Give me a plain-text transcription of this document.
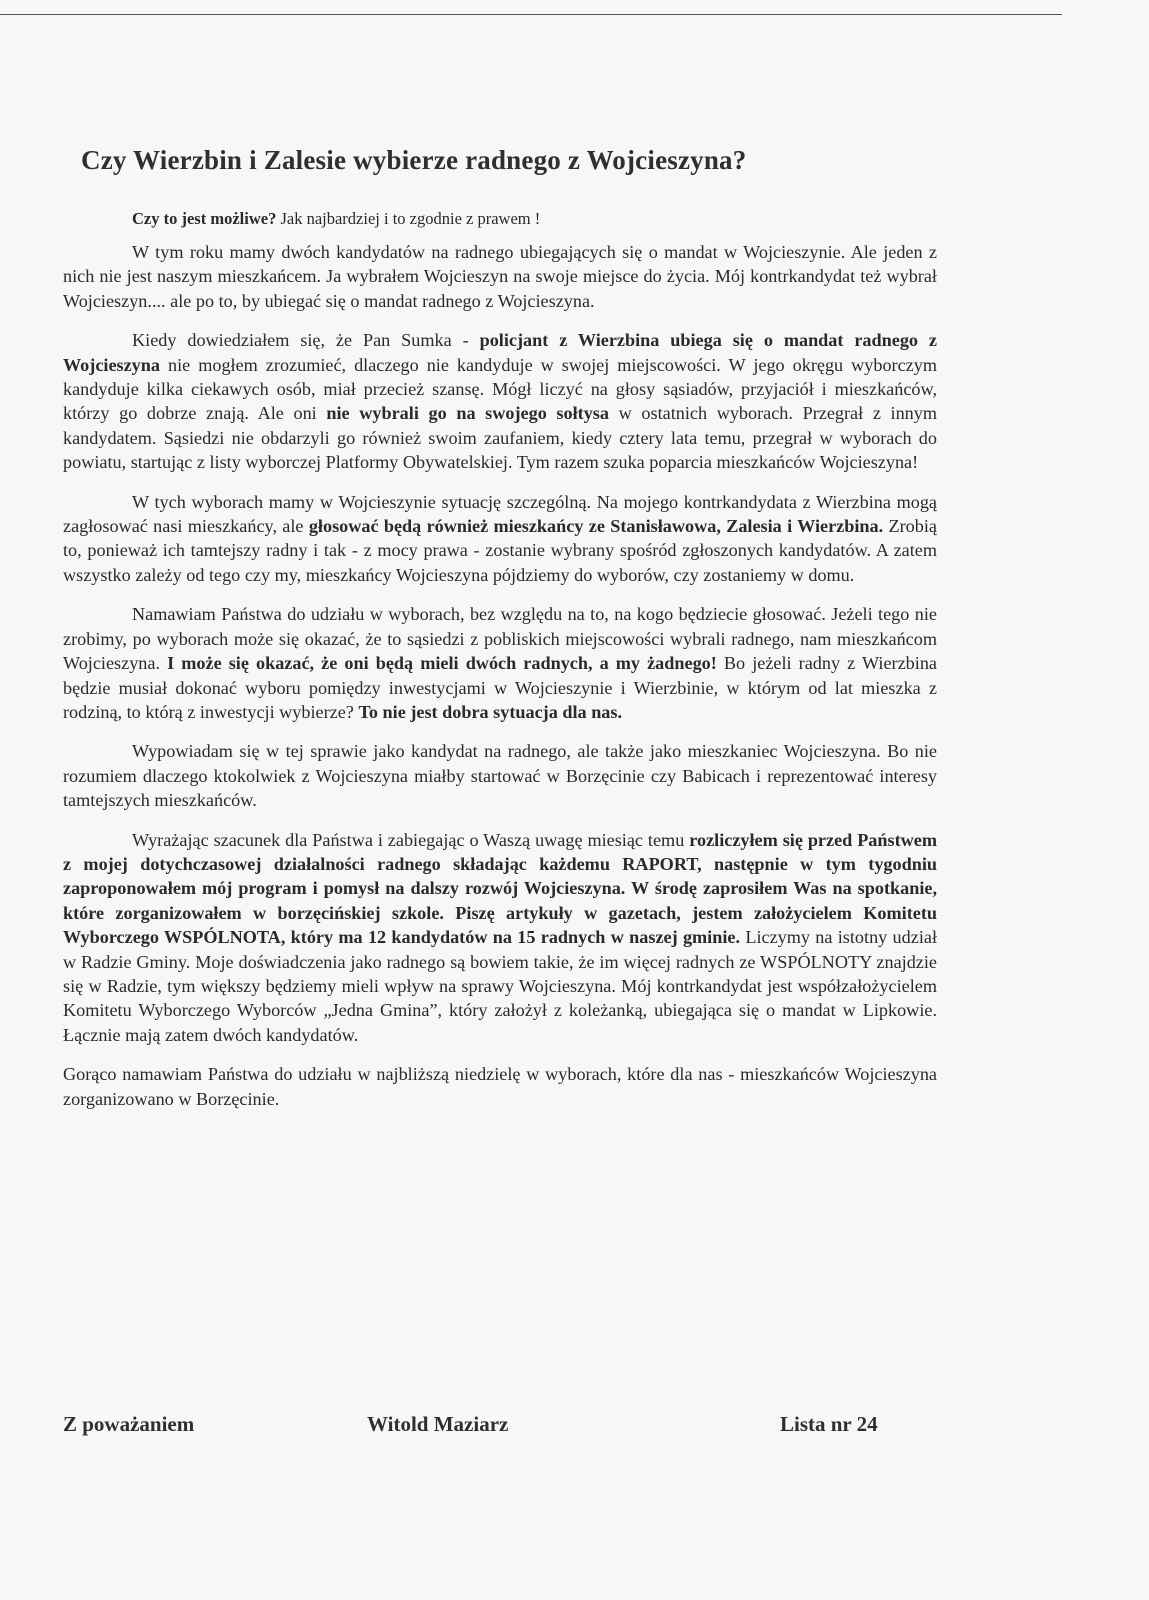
Czy Wierzbin i Zalesie wybierze radnego z Wojcieszyna?

Czy to jest możliwe? Jak najbardziej i to zgodnie z prawem !

W tym roku mamy dwóch kandydatów na radnego ubiegających się o mandat w Wojcieszynie. Ale jeden z nich nie jest naszym mieszkańcem. Ja wybrałem Wojcieszyn na swoje miejsce do życia. Mój kontrkandydat też wybrał Wojcieszyn.... ale po to, by ubiegać się o mandat radnego z Wojcieszyna.

Kiedy dowiedziałem się, że Pan Sumka - policjant z Wierzbina ubiega się o mandat radnego z Wojcieszyna nie mogłem zrozumieć, dlaczego nie kandyduje w swojej miejscowości. W jego okręgu wyborczym kandyduje kilka ciekawych osób, miał przecież szansę. Mógł liczyć na głosy sąsiadów, przyjaciół i mieszkańców, którzy go dobrze znają. Ale oni nie wybrali go na swojego sołtysa w ostatnich wyborach. Przegrał z innym kandydatem. Sąsiedzi nie obdarzyli go również swoim zaufaniem, kiedy cztery lata temu, przegrał w wyborach do powiatu, startując z listy wyborczej Platformy Obywatelskiej. Tym razem szuka poparcia mieszkańców Wojcieszyna!

W tych wyborach mamy w Wojcieszynie sytuację szczególną. Na mojego kontrkandydata z Wierzbina mogą zagłosować nasi mieszkańcy, ale głosować będą również mieszkańcy ze Stanisławowa, Zalesia i Wierzbina. Zrobią to, ponieważ ich tamtejszy radny i tak - z mocy prawa - zostanie wybrany spośród zgłoszonych kandydatów. A zatem wszystko zależy od tego czy my, mieszkańcy Wojcieszyna pójdziemy do wyborów, czy zostaniemy w domu.

Namawiam Państwa do udziału w wyborach, bez względu na to, na kogo będziecie głosować. Jeżeli tego nie zrobimy, po wyborach może się okazać, że to sąsiedzi z pobliskich miejscowości wybrali radnego, nam mieszkańcom Wojcieszyna. I może się okazać, że oni będą mieli dwóch radnych, a my żadnego! Bo jeżeli radny z Wierzbina będzie musiał dokonać wyboru pomiędzy inwestycjami w Wojcieszynie i Wierzbinie, w którym od lat mieszka z rodziną, to którą z inwestycji wybierze? To nie jest dobra sytuacja dla nas.

Wypowiadam się w tej sprawie jako kandydat na radnego, ale także jako mieszkaniec Wojcieszyna. Bo nie rozumiem dlaczego ktokolwiek z Wojcieszyna miałby startować w Borzęcinie czy Babicach i reprezentować interesy tamtejszych mieszkańców.

Wyrażając szacunek dla Państwa i zabiegając o Waszą uwagę miesiąc temu rozliczyłem się przed Państwem z mojej dotychczasowej działalności radnego składając każdemu RAPORT, następnie w tym tygodniu zaproponowałem mój program i pomysł na dalszy rozwój Wojcieszyna. W środę zaprosiłem Was na spotkanie, które zorganizowałem w borzęcińskiej szkole. Piszę artykuły w gazetach, jestem założycielem Komitetu Wyborczego WSPÓLNOTA, który ma 12 kandydatów na 15 radnych w naszej gminie. Liczymy na istotny udział w Radzie Gminy. Moje doświadczenia jako radnego są bowiem takie, że im więcej radnych ze WSPÓLNOTY znajdzie się w Radzie, tym większy będziemy mieli wpływ na sprawy Wojcieszyna. Mój kontrkandydat jest współzałożycielem Komitetu Wyborczego Wyborców „Jedna Gmina”, który założył z koleżanką, ubiegająca się o mandat w Lipkowie. Łącznie mają zatem dwóch kandydatów.

Gorąco namawiam Państwa do udziału w najbliższą niedzielę w wyborach, które dla nas - mieszkańców Wojcieszyna zorganizowano w Borzęcinie.

Z poważaniem	Witold Maziarz	Lista nr 24
